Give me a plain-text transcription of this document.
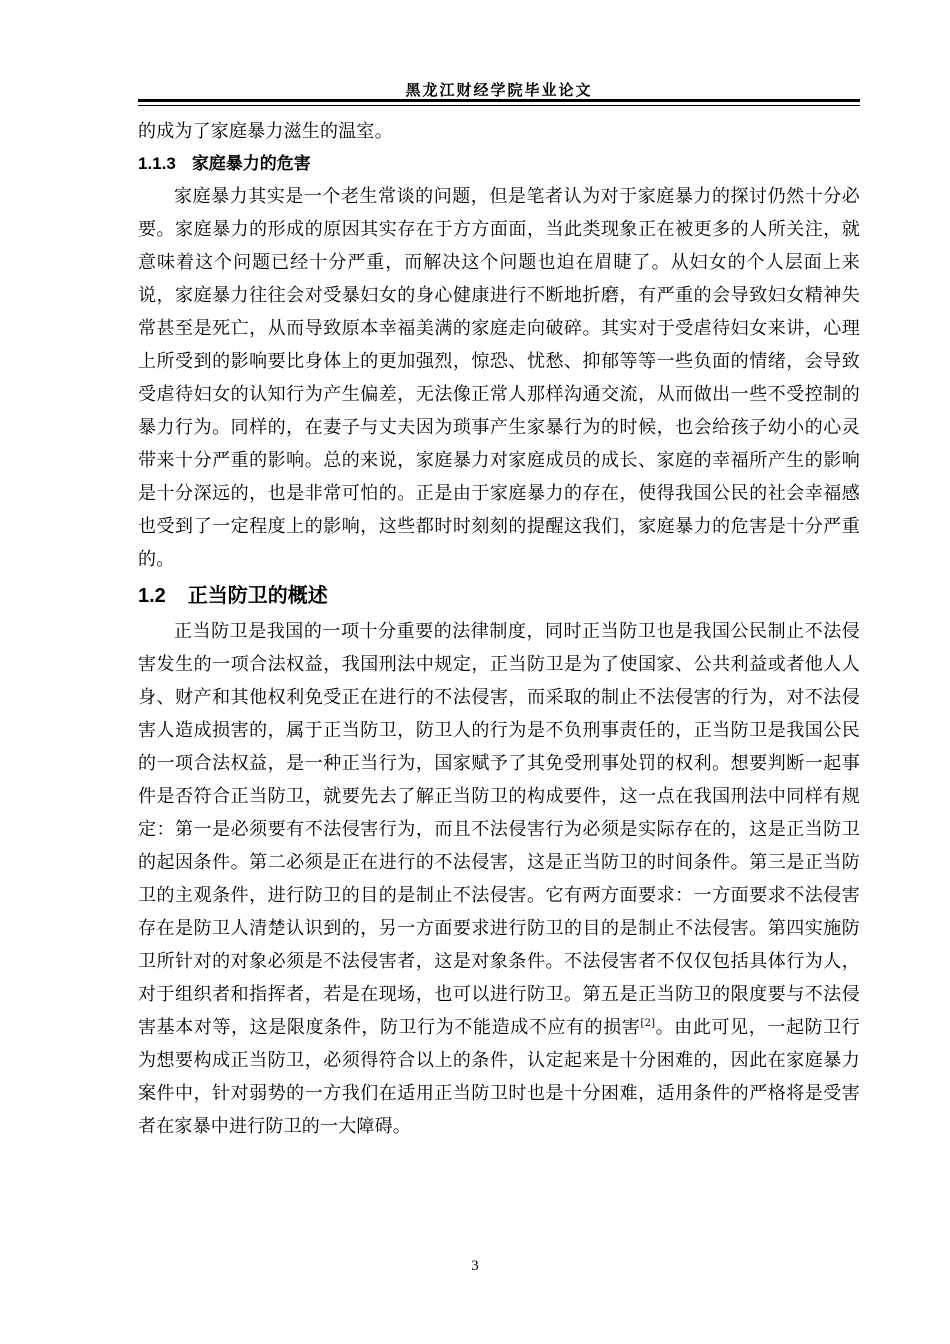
黑龙江财经学院毕业论文

的成为了家庭暴力滋生的温室。

1.1.3 家庭暴力的危害

家庭暴力其实是一个老生常谈的问题，但是笔者认为对于家庭暴力的探讨仍然十分必要。家庭暴力的形成的原因其实存在于方方面面，当此类现象正在被更多的人所关注，就意味着这个问题已经十分严重，而解决这个问题也迫在眉睫了。从妇女的个人层面上来说，家庭暴力往往会对受暴妇女的身心健康进行不断地折磨，有严重的会导致妇女精神失常甚至是死亡，从而导致原本幸福美满的家庭走向破碎。其实对于受虐待妇女来讲，心理上所受到的影响要比身体上的更加强烈，惊恐、忧愁、抑郁等等一些负面的情绪，会导致受虐待妇女的认知行为产生偏差，无法像正常人那样沟通交流，从而做出一些不受控制的暴力行为。同样的，在妻子与丈夫因为琐事产生家暴行为的时候，也会给孩子幼小的心灵带来十分严重的影响。总的来说，家庭暴力对家庭成员的成长、家庭的幸福所产生的影响是十分深远的，也是非常可怕的。正是由于家庭暴力的存在，使得我国公民的社会幸福感也受到了一定程度上的影响，这些都时时刻刻的提醒这我们，家庭暴力的危害是十分严重的。

1.2 正当防卫的概述

正当防卫是我国的一项十分重要的法律制度，同时正当防卫也是我国公民制止不法侵害发生的一项合法权益，我国刑法中规定，正当防卫是为了使国家、公共利益或者他人人身、财产和其他权利免受正在进行的不法侵害，而采取的制止不法侵害的行为，对不法侵害人造成损害的，属于正当防卫，防卫人的行为是不负刑事责任的，正当防卫是我国公民的一项合法权益，是一种正当行为，国家赋予了其免受刑事处罚的权利。想要判断一起事件是否符合正当防卫，就要先去了解正当防卫的构成要件，这一点在我国刑法中同样有规定：第一是必须要有不法侵害行为，而且不法侵害行为必须是实际存在的，这是正当防卫的起因条件。第二必须是正在进行的不法侵害，这是正当防卫的时间条件。第三是正当防卫的主观条件，进行防卫的目的是制止不法侵害。它有两方面要求：一方面要求不法侵害存在是防卫人清楚认识到的，另一方面要求进行防卫的目的是制止不法侵害。第四实施防卫所针对的对象必须是不法侵害者，这是对象条件。不法侵害者不仅仅包括具体行为人，对于组织者和指挥者，若是在现场，也可以进行防卫。第五是正当防卫的限度要与不法侵害基本对等，这是限度条件，防卫行为不能造成不应有的损害[2]。由此可见，一起防卫行为想要构成正当防卫，必须得符合以上的条件，认定起来是十分困难的，因此在家庭暴力案件中，针对弱势的一方我们在适用正当防卫时也是十分困难，适用条件的严格将是受害者在家暴中进行防卫的一大障碍。

3
